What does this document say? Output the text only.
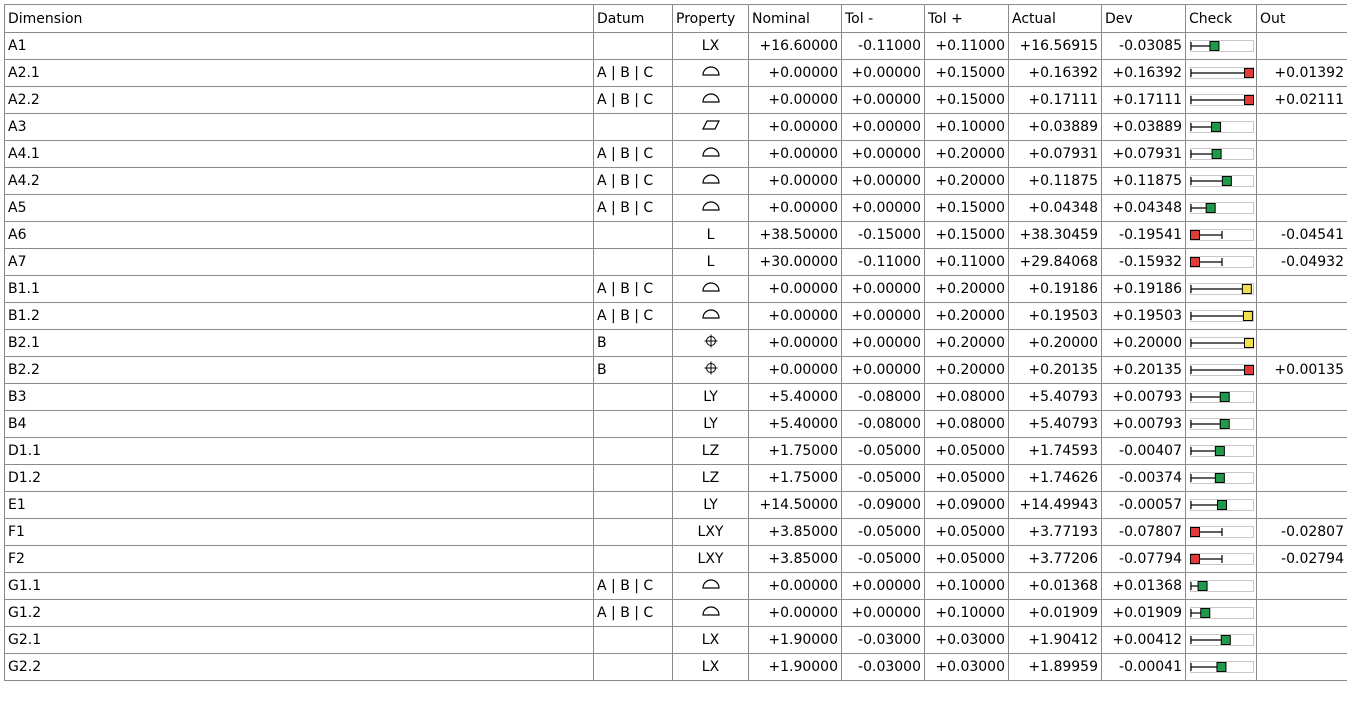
Dimension	Datum	Property	Nominal	Tol -	Tol +	Actual	Dev	Check	Out
A1		LX	+16.60000	-0.11000	+0.11000	+16.56915	-0.03085	

A2.1	A | B | C		+0.00000	+0.00000	+0.15000	+0.16392	+0.16392		+0.01392
A2.2	A | B | C		+0.00000	+0.00000	+0.15000	+0.17111	+0.17111		+0.02111
A3			+0.00000	+0.00000	+0.10000	+0.03889	+0.03889	

A4.1	A | B | C		+0.00000	+0.00000	+0.20000	+0.07931	+0.07931	

A4.2	A | B | C		+0.00000	+0.00000	+0.20000	+0.11875	+0.11875	

A5	A | B | C		+0.00000	+0.00000	+0.15000	+0.04348	+0.04348	

A6		L	+38.50000	-0.15000	+0.15000	+38.30459	-0.19541		-0.04541
A7		L	+30.00000	-0.11000	+0.11000	+29.84068	-0.15932		-0.04932
B1.1	A | B | C		+0.00000	+0.00000	+0.20000	+0.19186	+0.19186	

B1.2	A | B | C		+0.00000	+0.00000	+0.20000	+0.19503	+0.19503	

B2.1	B		+0.00000	+0.00000	+0.20000	+0.20000	+0.20000	

B2.2	B		+0.00000	+0.00000	+0.20000	+0.20135	+0.20135		+0.00135
B3		LY	+5.40000	-0.08000	+0.08000	+5.40793	+0.00793	

B4		LY	+5.40000	-0.08000	+0.08000	+5.40793	+0.00793	

D1.1		LZ	+1.75000	-0.05000	+0.05000	+1.74593	-0.00407	

D1.2		LZ	+1.75000	-0.05000	+0.05000	+1.74626	-0.00374	

E1		LY	+14.50000	-0.09000	+0.09000	+14.49943	-0.00057	

F1		LXY	+3.85000	-0.05000	+0.05000	+3.77193	-0.07807		-0.02807
F2		LXY	+3.85000	-0.05000	+0.05000	+3.77206	-0.07794		-0.02794
G1.1	A | B | C		+0.00000	+0.00000	+0.10000	+0.01368	+0.01368	

G1.2	A | B | C		+0.00000	+0.00000	+0.10000	+0.01909	+0.01909	

G2.1		LX	+1.90000	-0.03000	+0.03000	+1.90412	+0.00412	

G2.2		LX	+1.90000	-0.03000	+0.03000	+1.89959	-0.00041	
